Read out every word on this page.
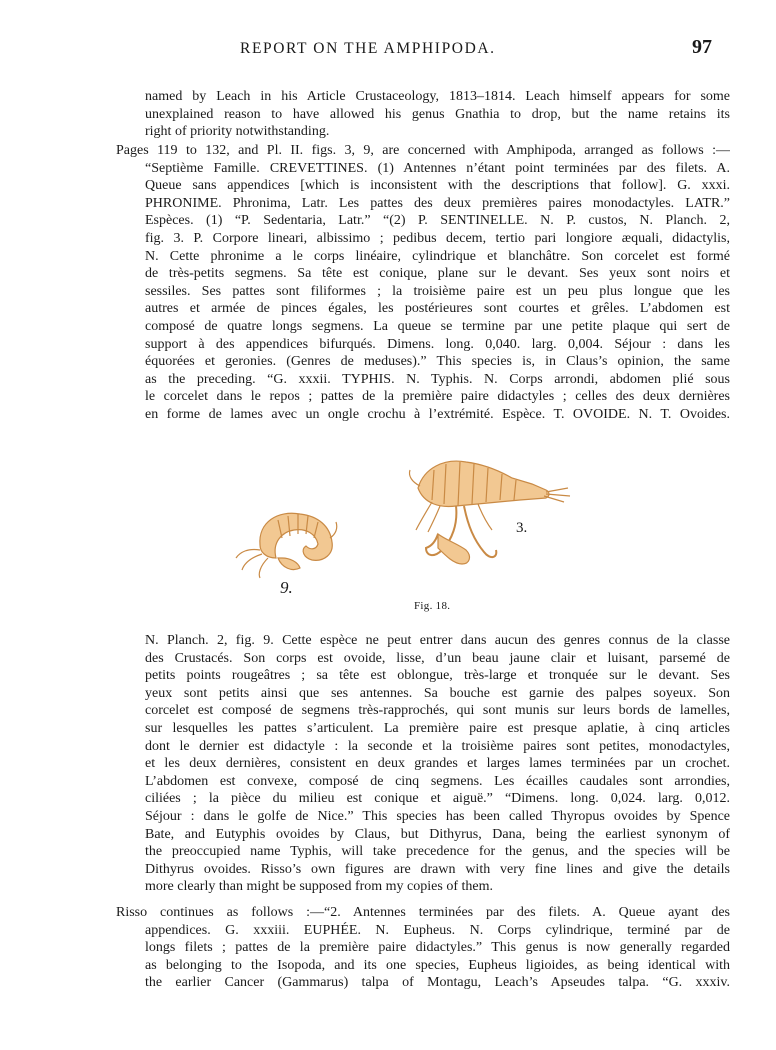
REPORT ON THE AMPHIPODA.	97
named by Leach in his Article Crustaceology, 1813–1814. Leach himself appears for some
unexplained reason to have allowed his genus Gnathia to drop, but the name retains its
right of priority notwithstanding.
Pages 119 to 132, and Pl. II. figs. 3, 9, are concerned with Amphipoda, arranged as follows :—
“Septième Famille. CREVETTINES. (1) Antennes n’étant point terminées par des filets. A.
Queue sans appendices [which is inconsistent with the descriptions that follow]. G. xxxi.
PHRONIME. Phronima, Latr. Les pattes des deux premières paires monodactyles. LATR.”
Espèces. (1) “P. Sedentaria, Latr.” “(2) P. SENTINELLE. N. P. custos, N. Planch. 2,
fig. 3. P. Corpore lineari, albissimo ; pedibus decem, tertio pari longiore æquali, didactylis,
N. Cette phronime a le corps linéaire, cylindrique et blanchâtre. Son corcelet est formé
de très-petits segmens. Sa tête est conique, plane sur le devant. Ses yeux sont noirs et
sessiles. Ses pattes sont filiformes ; la troisième paire est un peu plus longue que les
autres et armée de pinces égales, les postérieures sont courtes et grêles. L’abdomen est
composé de quatre longs segmens. La queue se termine par une petite plaque qui sert de
support à des appendices bifurqués. Dimens. long. 0,040. larg. 0,004. Séjour : dans les
équorées et geronies. (Genres de meduses).” This species is, in Claus’s opinion, the same
as the preceding. “G. xxxii. TYPHIS. N. Typhis. N. Corps arrondi, abdomen plié sous
le corcelet dans le repos ; pattes de la première paire didactyles ; celles des deux dernières
en forme de lames avec un ongle crochu à l’extrémité. Espèce. T. OVOIDE. N. T. Ovoides.
9.
3.
Fig. 18.
N. Planch. 2, fig. 9. Cette espèce ne peut entrer dans aucun des genres connus de la classe
des Crustacés. Son corps est ovoide, lisse, d’un beau jaune clair et luisant, parsemé de
petits points rougeâtres ; sa tête est oblongue, très-large et tronquée sur le devant. Ses
yeux sont petits ainsi que ses antennes. Sa bouche est garnie des palpes soyeux. Son
corcelet est composé de segmens très-rapprochés, qui sont munis sur leurs bords de lamelles,
sur lesquelles les pattes s’articulent. La première paire est presque aplatie, à cinq articles
dont le dernier est didactyle : la seconde et la troisième paires sont petites, monodactyles,
et les deux dernières, consistent en deux grandes et larges lames terminées par un crochet.
L’abdomen est convexe, composé de cinq segmens. Les écailles caudales sont arrondies,
ciliées ; la pièce du milieu est conique et aiguë.” “Dimens. long. 0,024. larg. 0,012.
Séjour : dans le golfe de Nice.” This species has been called Thyropus ovoides by Spence
Bate, and Eutyphis ovoides by Claus, but Dithyrus, Dana, being the earliest synonym of
the preoccupied name Typhis, will take precedence for the genus, and the species will be
Dithyrus ovoides. Risso’s own figures are drawn with very fine lines and give the details
more clearly than might be supposed from my copies of them.
Risso continues as follows :—“2. Antennes terminées par des filets. A. Queue ayant des
appendices. G. xxxiii. EUPHÉE. N. Eupheus. N. Corps cylindrique, terminé par de
longs filets ; pattes de la première paire didactyles.” This genus is now generally regarded
as belonging to the Isopoda, and its one species, Eupheus ligioides, as being identical with
the earlier Cancer (Gammarus) talpa of Montagu, Leach’s Apseudes talpa. “G. xxxiv.
